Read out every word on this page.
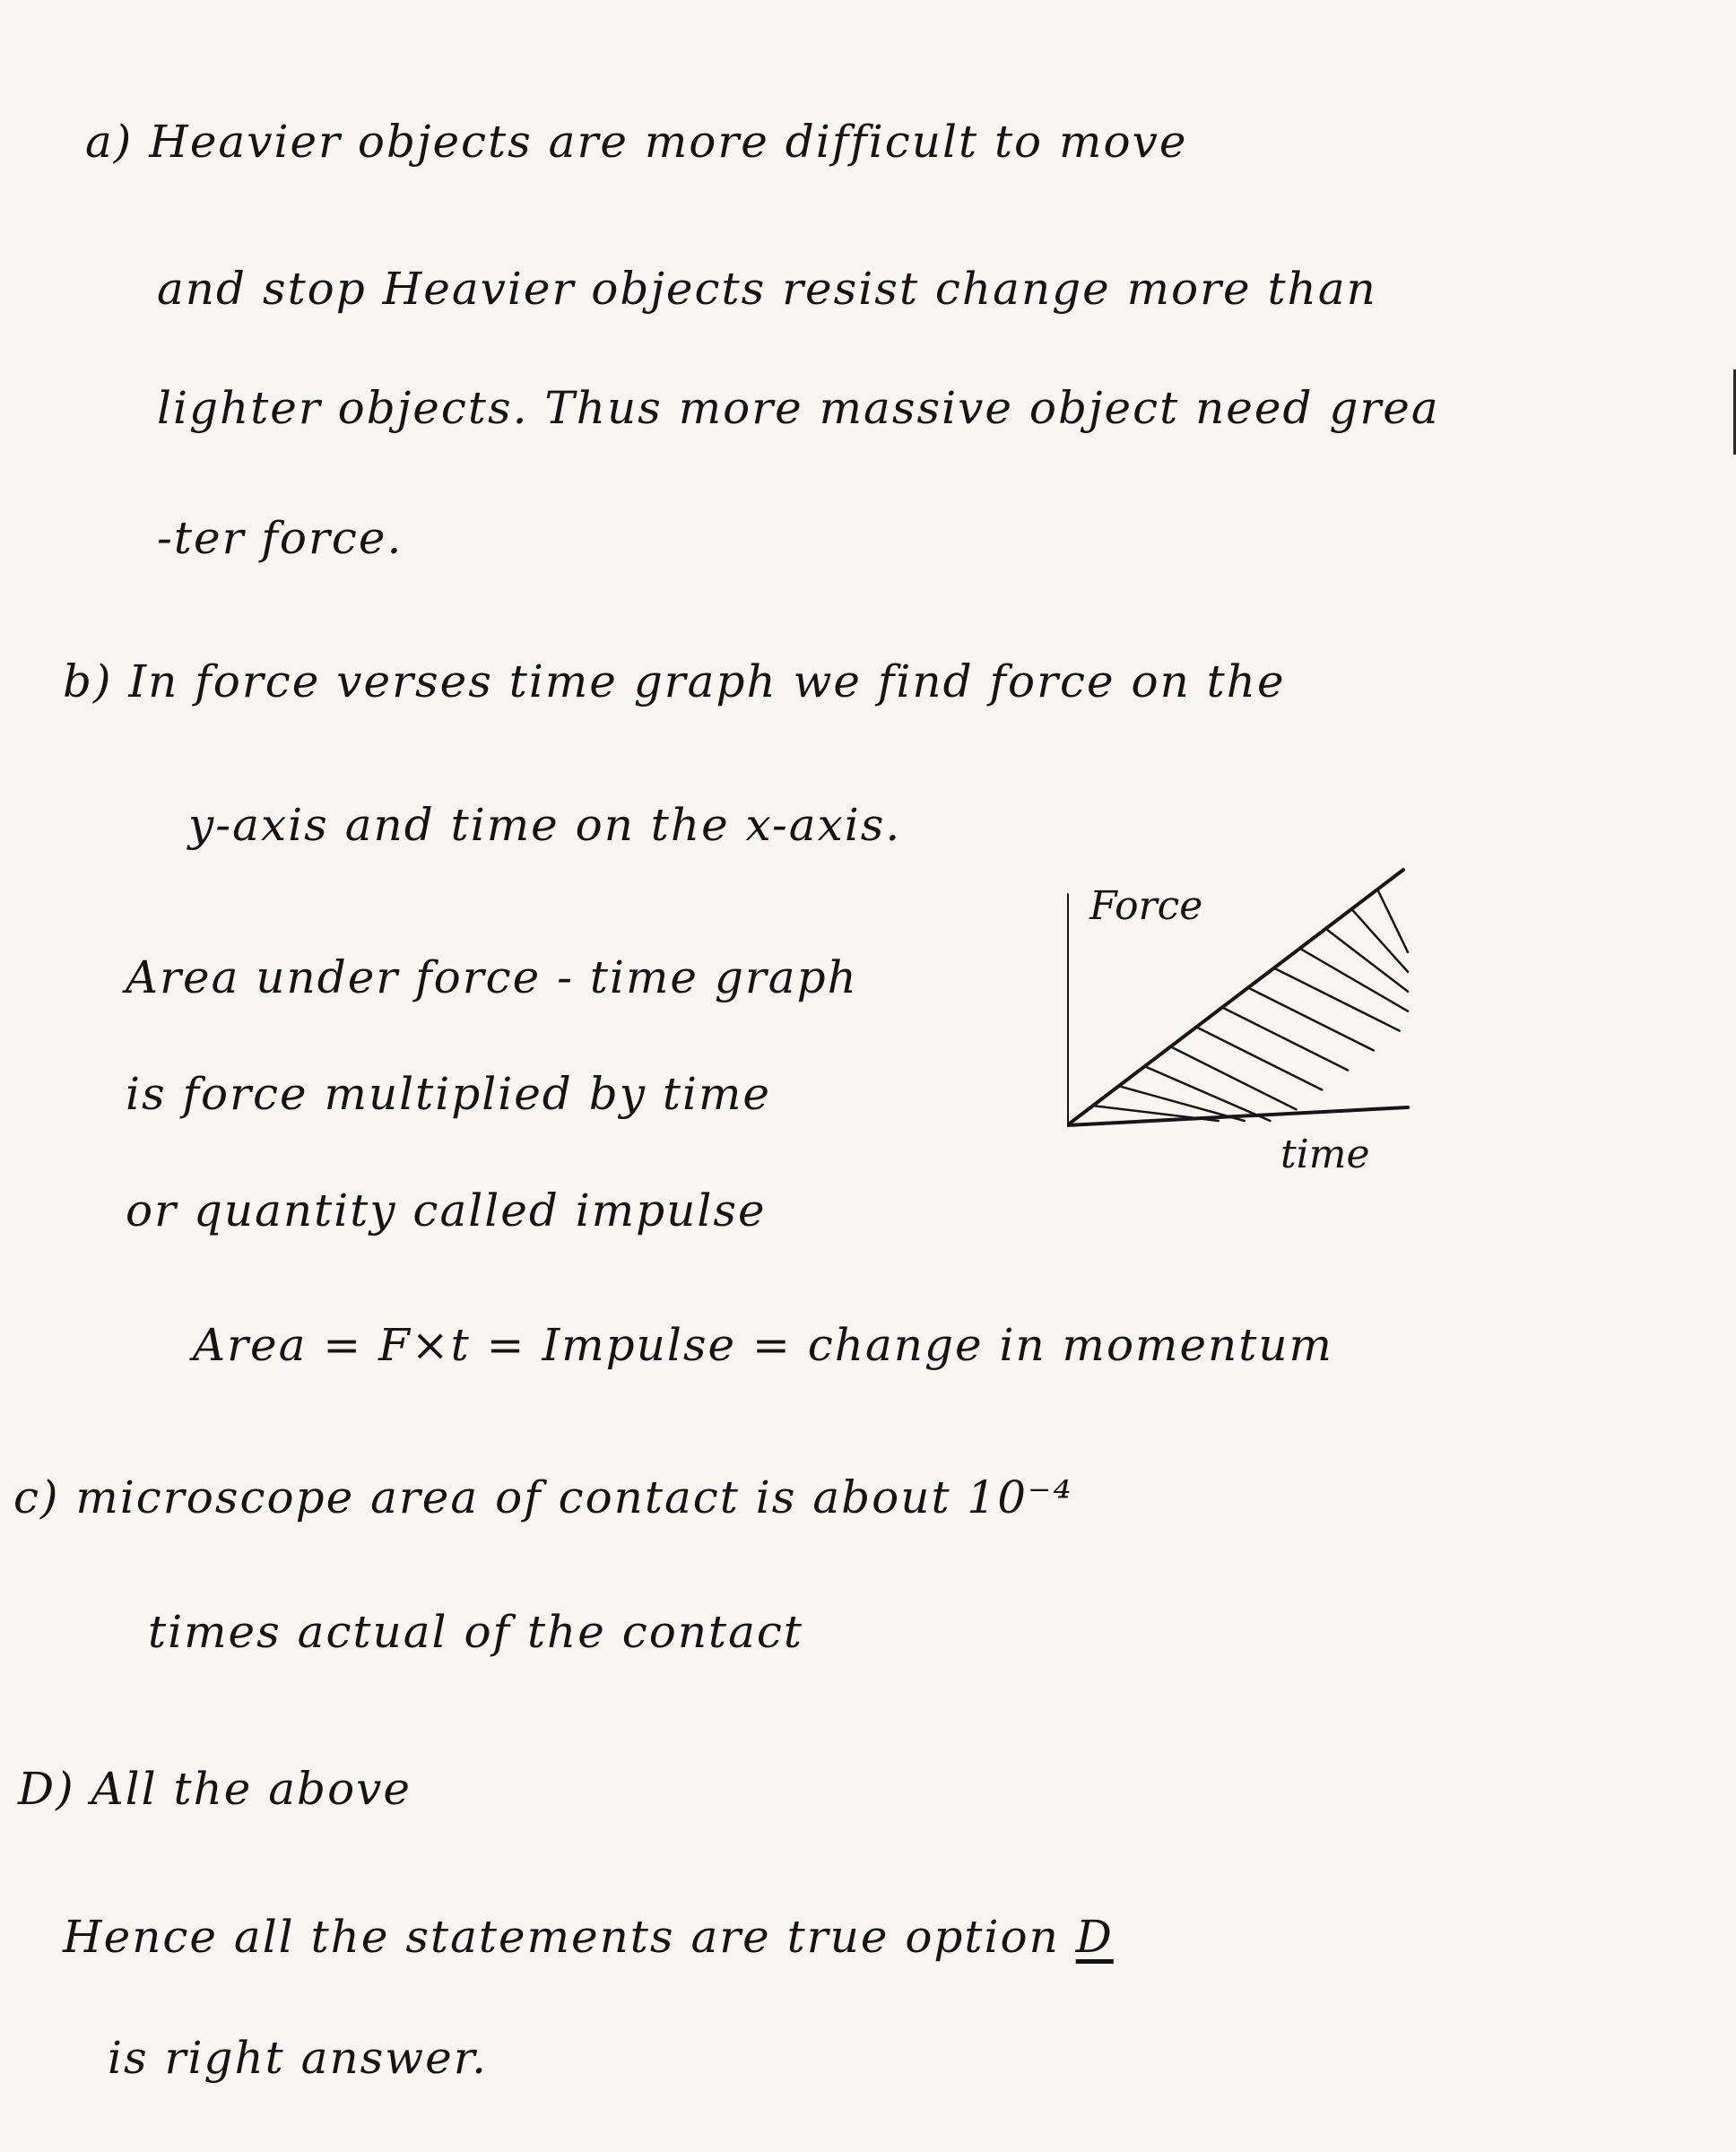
a) Heavier objects are more difficult to move
and stop Heavier objects resist change more than
lighter objects. Thus more massive object need grea
-ter force.
b) In force verses time graph we find force on the
y-axis and time on the x-axis.
Area under force - time graph
is force multiplied by time
or quantity called impulse
Area = F×t = Impulse = change in momentum
Force
time
c) microscope area of contact is about 10⁻⁴
times actual of the contact
D) All the above
Hence all the statements are true option D
is right answer.
